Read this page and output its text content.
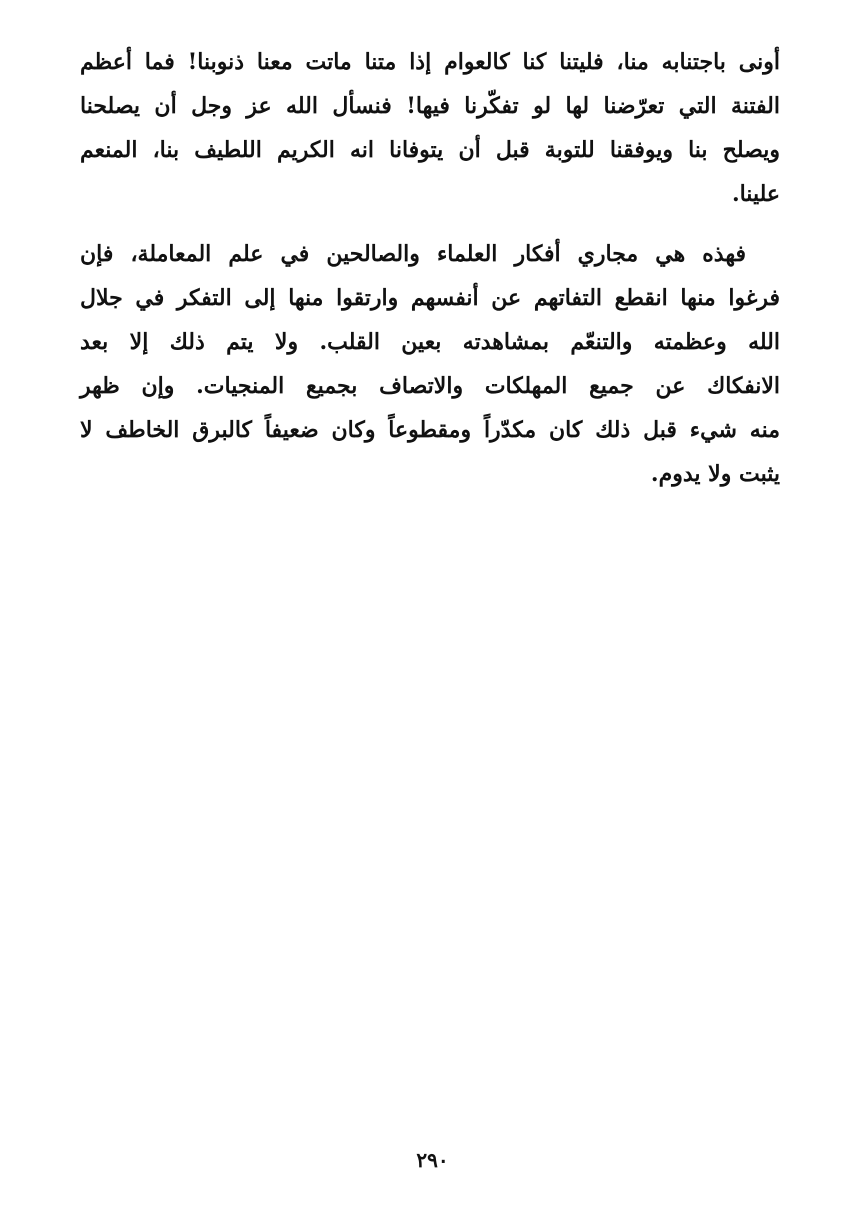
أونى باجتنابه منا، فليتنا كنا كالعوام إذا متنا ماتت معنا ذنوبنا! فما أعظم
الفتنة التي تعرّضنا لها لو تفكّرنا فيها! فنسأل الله عز وجل أن يصلحنا
ويصلح بنا ويوفقنا للتوبة قبل أن يتوفانا انه الكريم اللطيف بنا، المنعم
علينا.
فهذه هي مجاري أفكار العلماء والصالحين في علم المعاملة، فإن
فرغوا منها انقطع التفاتهم عن أنفسهم وارتقوا منها إلى التفكر في جلال
الله وعظمته والتنعّم بمشاهدته بعين القلب. ولا يتم ذلك إلا بعد
الانفكاك عن جميع المهلكات والاتصاف بجميع المنجيات. وإن ظهر
منه شيء قبل ذلك كان مكدّراً ومقطوعاً وكان ضعيفاً كالبرق الخاطف لا
يثبت ولا يدوم.
٢٩٠
